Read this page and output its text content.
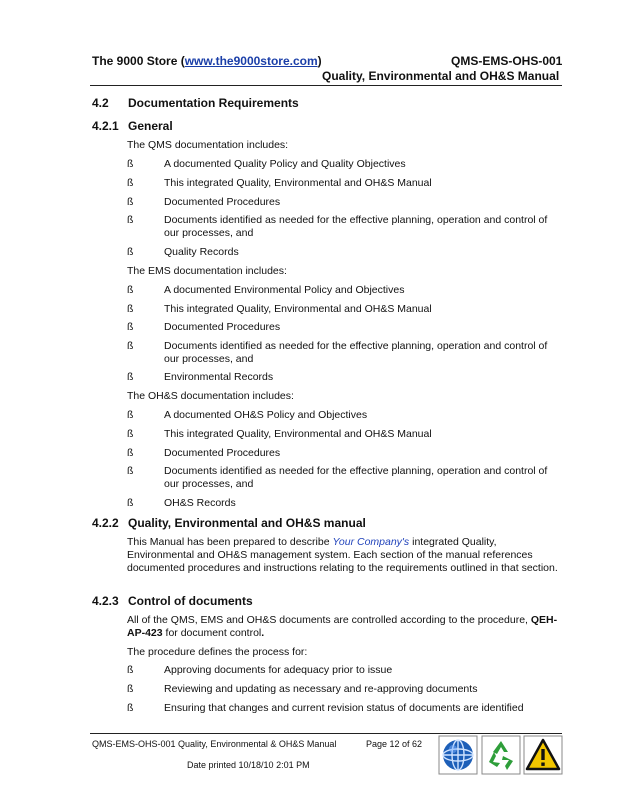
The 9000 Store (www.the9000store.com)	QMS-EMS-OHS-001
Quality, Environmental and OH&S Manual
4.2 Documentation Requirements
4.2.1 General
The QMS documentation includes:
ß	A documented Quality Policy and Quality Objectives
ß	This integrated Quality, Environmental and OH&S Manual
ß	Documented Procedures
ß	Documents identified as needed for the effective planning, operation and control of our processes, and
ß	Quality Records
The EMS documentation includes:
ß	A documented Environmental Policy and Objectives
ß	This integrated Quality, Environmental and OH&S Manual
ß	Documented Procedures
ß	Documents identified as needed for the effective planning, operation and control of our processes, and
ß	Environmental Records
The OH&S documentation includes:
ß	A documented OH&S Policy and Objectives
ß	This integrated Quality, Environmental and OH&S Manual
ß	Documented Procedures
ß	Documents identified as needed for the effective planning, operation and control of our processes, and
ß	OH&S Records
4.2.2 Quality, Environmental and OH&S manual
This Manual has been prepared to describe Your Company's integrated Quality, Environmental and OH&S management system. Each section of the manual references documented procedures and instructions relating to the requirements outlined in that section.
4.2.3 Control of documents
All of the QMS, EMS and OH&S documents are controlled according to the procedure, QEH-AP-423 for document control.
The procedure defines the process for:
ß	Approving documents for adequacy prior to issue
ß	Reviewing and updating as necessary and re-approving documents
ß	Ensuring that changes and current revision status of documents are identified
QMS-EMS-OHS-001 Quality, Environmental & OH&S Manual	Page 12 of 62
Date printed 10/18/10 2:01 PM
